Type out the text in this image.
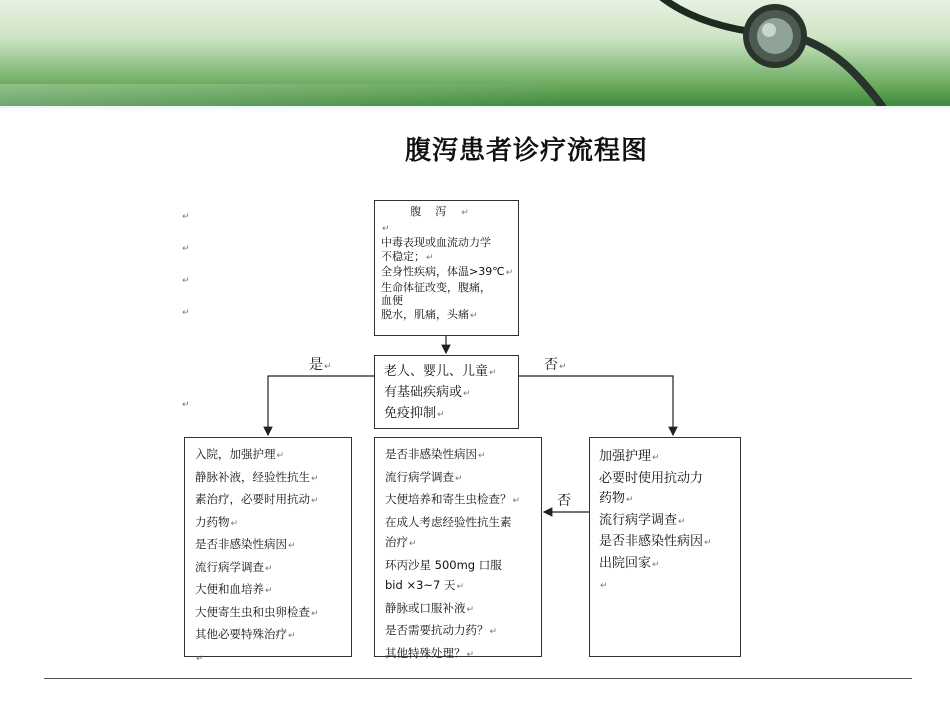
腹泻患者诊疗流程图
腹泻↵
↵
中毒表现或血流动力学
不稳定；↵
全身性疾病，体温>39℃↵
生命体征改变，腹痛，
血便
脱水，肌痛，头痛↵
老人、婴儿、儿童↵
有基础疾病或↵
免疫抑制↵
入院，加强护理↵
静脉补液，经验性抗生↵
素治疗，必要时用抗动↵
力药物↵
是否非感染性病因↵
流行病学调查↵
大便和血培养↵
大便寄生虫和虫卵检查↵
其他必要特殊治疗↵
↵
是否非感染性病因↵
流行病学调查↵
大便培养和寄生虫检查？↵
在成人考虑经验性抗生素
治疗↵
环丙沙星 500mg 口服
bid ×3~7 天↵
静脉或口服补液↵
是否需要抗动力药？↵
其他特殊处理？↵
加强护理↵
必要时使用抗动力
药物↵
流行病学调查↵
是否非感染性病因↵
出院回家↵
↵
是↵	否↵
否
↵
↵
↵
↵
↵
